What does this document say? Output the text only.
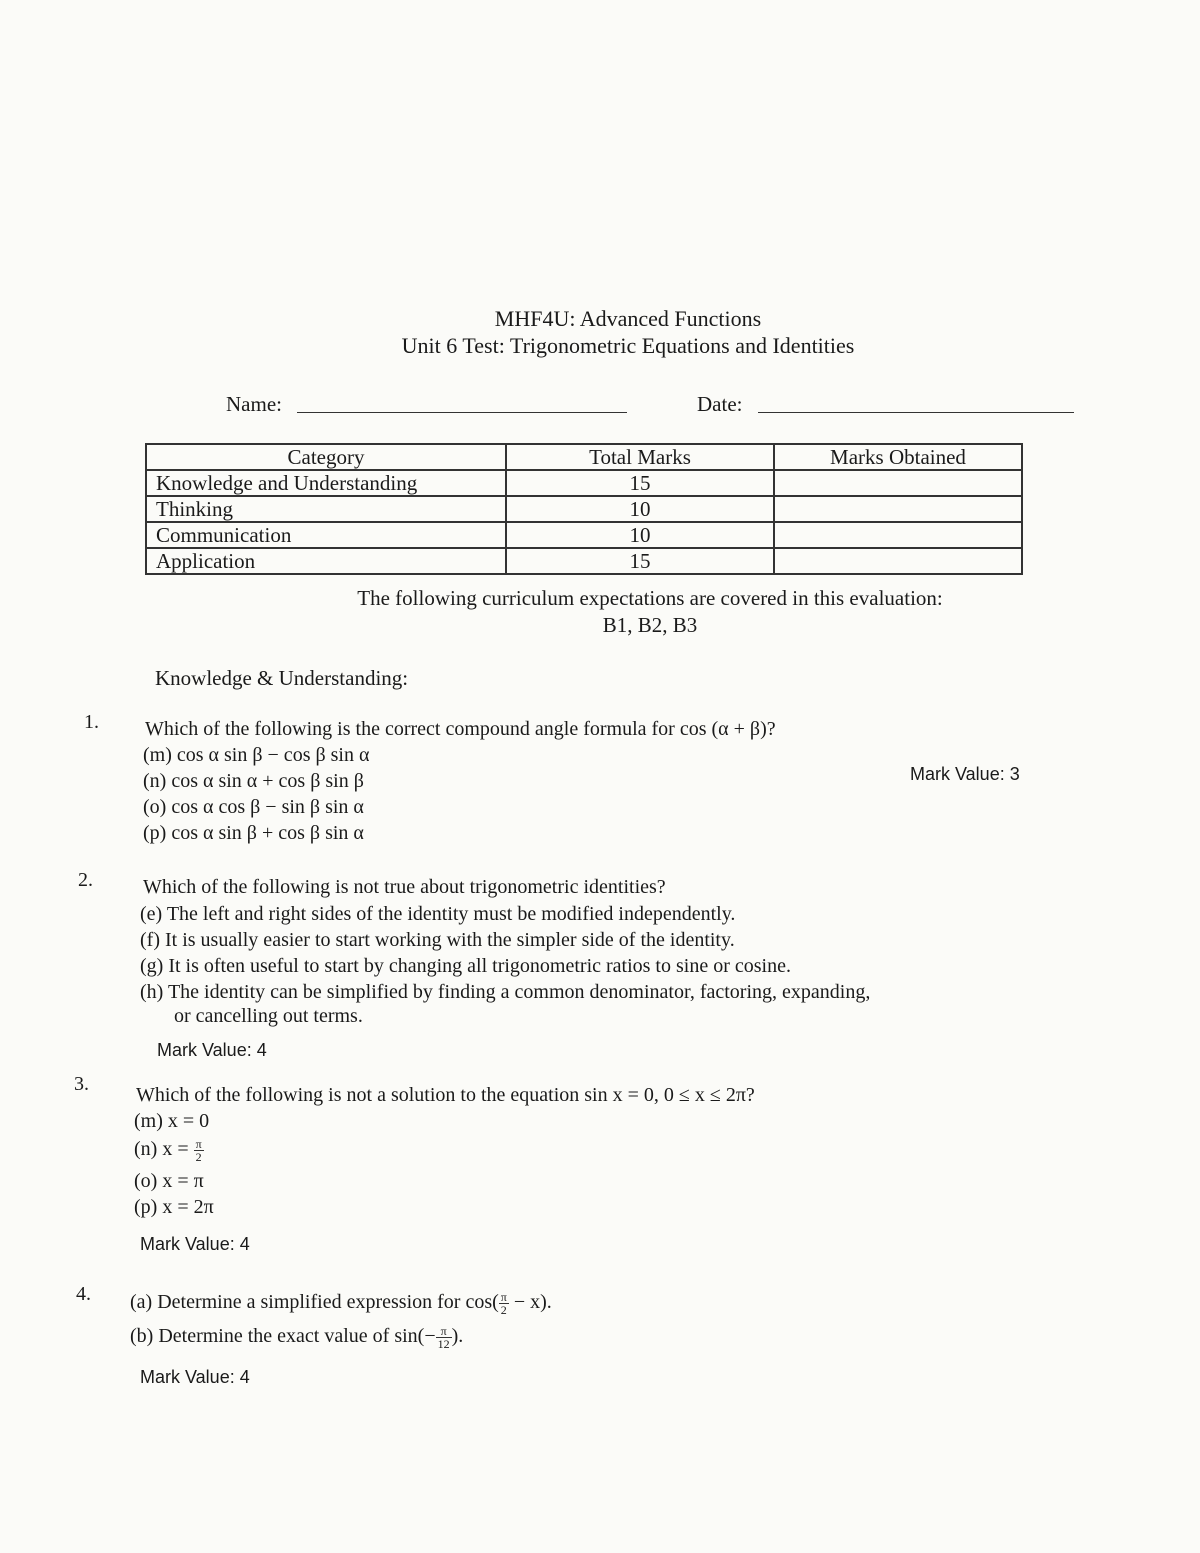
MHF4U: Advanced Functions
Unit 6 Test: Trigonometric Equations and Identities
Name:	Date:
Category	Total Marks	Marks Obtained
Knowledge and Understanding	15	
Thinking	10	
Communication	10	
Application	15	
The following curriculum expectations are covered in this evaluation:
B1, B2, B3
Knowledge & Understanding:
1. Which of the following is the correct compound angle formula for cos (α + β)?
(m) cos α sin β − cos β sin α
(n) cos α sin α + cos β sin β
(o) cos α cos β − sin β sin α
(p) cos α sin β + cos β sin α
Mark Value: 3
2.	Which of the following is not true about trigonometric identities?
(e) The left and right sides of the identity must be modified independently.
(f) It is usually easier to start working with the simpler side of the identity.
(g) It is often useful to start by changing all trigonometric ratios to sine or cosine.
(h) The identity can be simplified by finding a common denominator, factoring, expanding,
or cancelling out terms.
Mark Value: 4
3. Which of the following is not a solution to the equation sin x = 0, 0 ≤ x ≤ 2π?
(m) x = 0
(n) $x = \frac{\pi}{2}$
(o) x = π
(p) x = 2π
Mark Value: 4
4. (a) Determine a simplified expression for $\cos( \frac{\pi}{2} - x)$.
(b) Determine the exact value of $\sin(- \frac{\pi}{12}$ ).
Mark Value: 4
